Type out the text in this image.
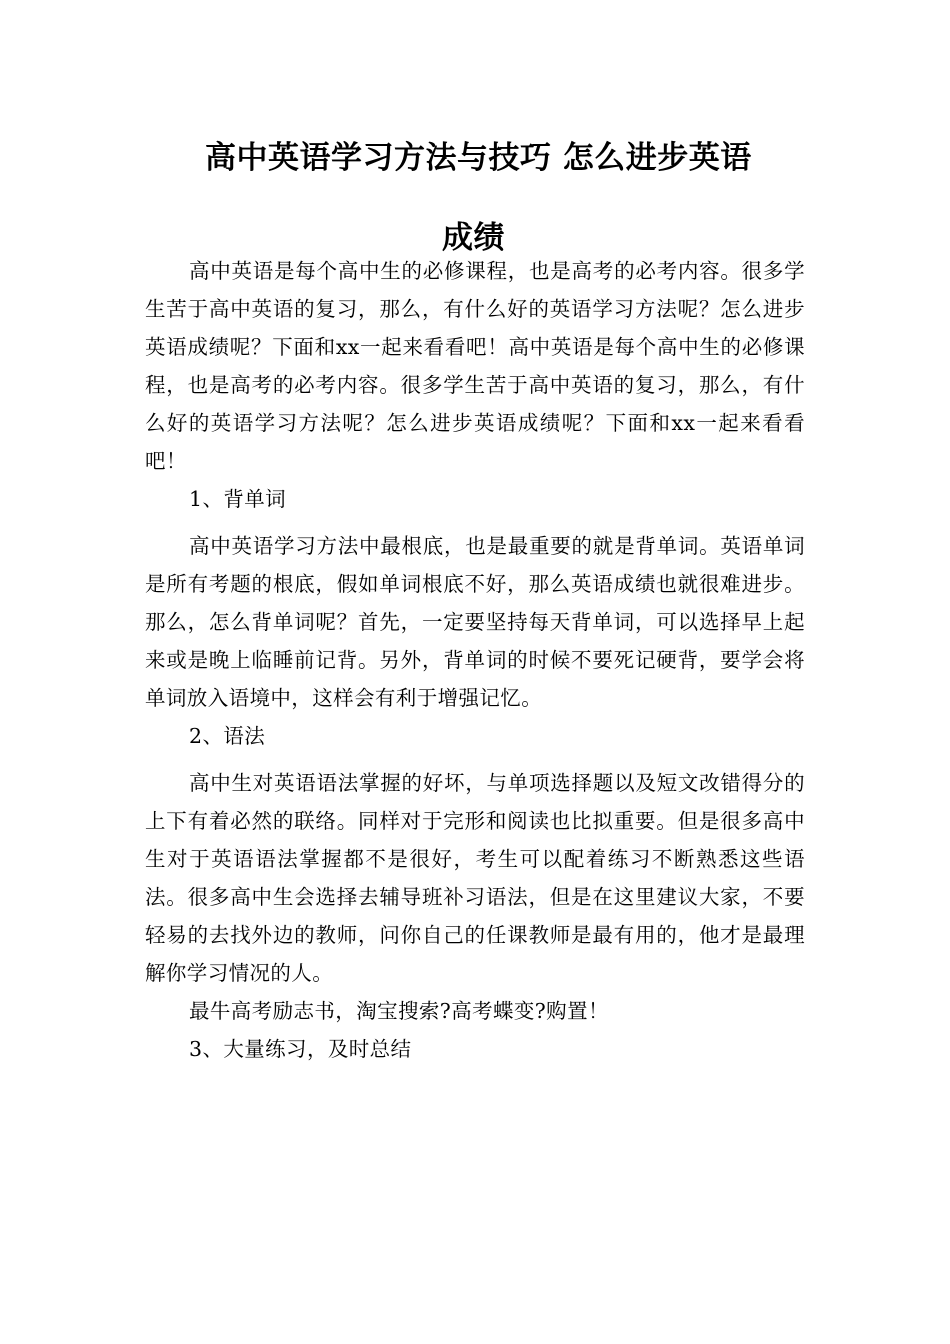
高中英语学习方法与技巧 怎么进步英语
成绩

高中英语是每个高中生的必修课程，也是高考的必考内容。很多学生苦于高中英语的复习，那么，有什么好的英语学习方法呢？怎么进步英语成绩呢？下面和xx一起来看看吧！高中英语是每个高中生的必修课程，也是高考的必考内容。很多学生苦于高中英语的复习，那么，有什么好的英语学习方法呢？怎么进步英语成绩呢？下面和xx一起来看看吧！

1、背单词

高中英语学习方法中最根底，也是最重要的就是背单词。英语单词是所有考题的根底，假如单词根底不好，那么英语成绩也就很难进步。那么，怎么背单词呢？首先，一定要坚持每天背单词，可以选择早上起来或是晚上临睡前记背。另外，背单词的时候不要死记硬背，要学会将单词放入语境中，这样会有利于增强记忆。

2、语法

高中生对英语语法掌握的好坏，与单项选择题以及短文改错得分的上下有着必然的联络。同样对于完形和阅读也比拟重要。但是很多高中生对于英语语法掌握都不是很好，考生可以配着练习不断熟悉这些语法。很多高中生会选择去辅导班补习语法，但是在这里建议大家，不要轻易的去找外边的教师，问你自己的任课教师是最有用的，他才是最理解你学习情况的人。

最牛高考励志书，淘宝搜索?高考蝶变?购置！

3、大量练习，及时总结
